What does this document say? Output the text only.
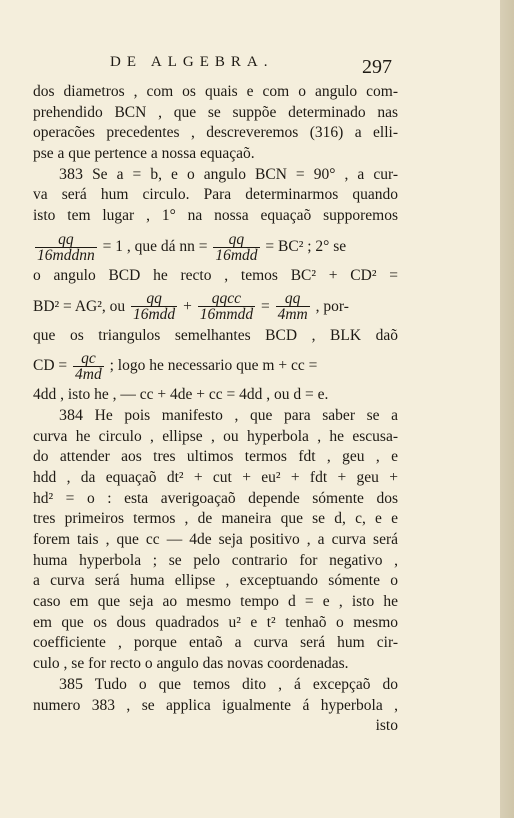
DE ALGEBRA.	297
dos diametros , com os quais e com o angulo com-
prehendido BCN , que se suppõe determinado nas
operacões precedentes , descreveremos (316) a elli-
pse a que pertence a nossa equaçaõ.
383 Se a = b, e o angulo BCN = 90° , a cur-
va será hum circulo. Para determinarmos quando
isto tem lugar , 1° na nossa equaçaõ supporemos
$\frac{qq}{\text{16mddnn}} = 1$ , que dá nn = $\frac{qq}{\text{16mdd}} = BC^2$ ; 2° se
o angulo BCD he recto , temos BC² + CD² =
BD² = AG², ou $\frac{qq}{\text{16mdd}} + \frac{\text{qqcc}}{\text{16mmdd}} = \frac{qq}{4mm}$ , por-
que os triangulos semelhantes BCD , BLK daõ
CD = $\frac{qc}{4md}$ ; logo he necessario que m + cc =
4dd , isto he , — cc + 4de + cc = 4dd , ou d = e.
384 He pois manifesto , que para saber se a
curva he circulo , ellipse , ou hyperbola , he escusa-
do attender aos tres ultimos termos fdt , geu , e
hdd , da equaçaõ dt² + cut + eu² + fdt + geu +
hd² = o : esta averigoaçaõ depende sómente dos
tres primeiros termos , de maneira que se d, c, e e
forem tais , que cc — 4de seja positivo , a curva será
huma hyperbola ; se pelo contrario for negativo ,
a curva será huma ellipse , exceptuando sómente o
caso em que seja ao mesmo tempo d = e , isto he
em que os dous quadrados u² e t² tenhaõ o mesmo
coefficiente , porque entaõ a curva será hum cir-
culo , se for recto o angulo das novas coordenadas.
385 Tudo o que temos dito , á excepçaõ do
numero 383 , se applica igualmente á hyperbola ,
isto
